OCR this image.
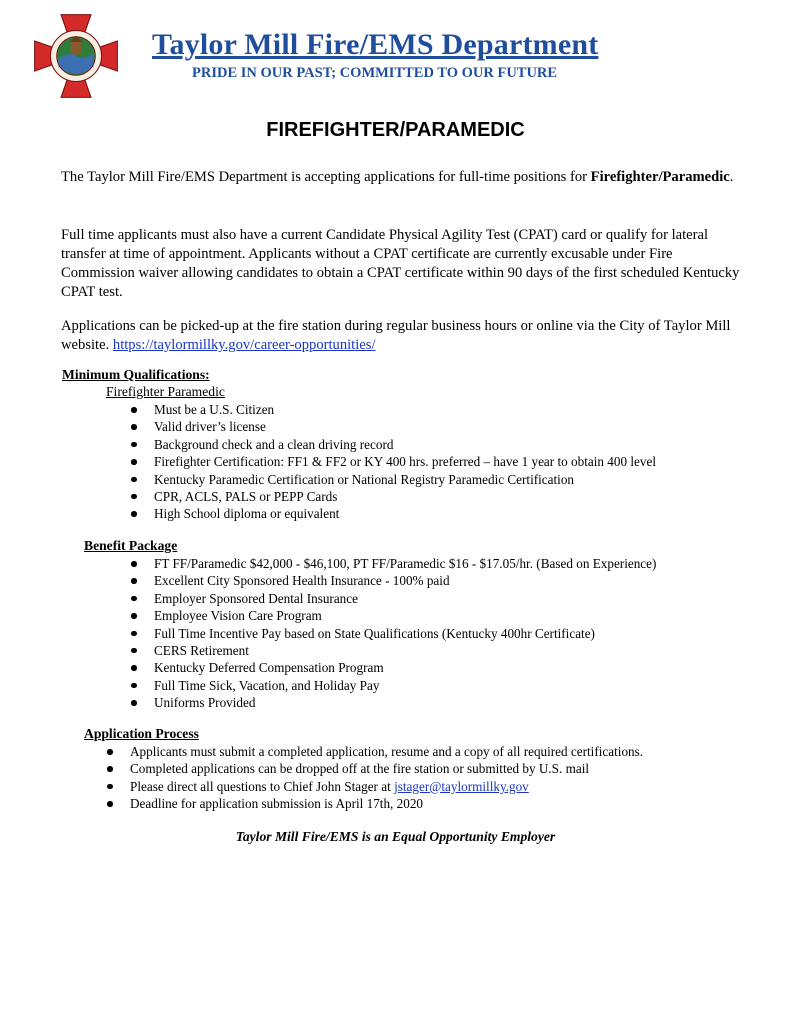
Taylor Mill Fire/EMS Department

PRIDE IN OUR PAST; COMMITTED TO OUR FUTURE

FIREFIGHTER/PARAMEDIC

The Taylor Mill Fire/EMS Department is accepting applications for full-time positions for Firefighter/Paramedic.

Full time applicants must also have a current Candidate Physical Agility Test (CPAT) card or qualify for lateral transfer at time of appointment. Applicants without a CPAT certificate are currently excusable under Fire Commission waiver allowing candidates to obtain a CPAT certificate within 90 days of the first scheduled Kentucky CPAT test.

Applications can be picked-up at the fire station during regular business hours or online via the City of Taylor Mill website. https://taylormillky.gov/career-opportunities/

Minimum Qualifications:

Firefighter Paramedic

Must be a U.S. Citizen
Valid driver’s license
Background check and a clean driving record
Firefighter Certification: FF1 & FF2 or KY 400 hrs. preferred – have 1 year to obtain 400 level
Kentucky Paramedic Certification or National Registry Paramedic Certification
CPR, ACLS, PALS or PEPP Cards
High School diploma or equivalent

Benefit Package

FT FF/Paramedic $42,000 - $46,100, PT FF/Paramedic $16 - $17.05/hr. (Based on Experience)
Excellent City Sponsored Health Insurance - 100% paid
Employer Sponsored Dental Insurance
Employee Vision Care Program
Full Time Incentive Pay based on State Qualifications (Kentucky 400hr Certificate)
CERS Retirement
Kentucky Deferred Compensation Program
Full Time Sick, Vacation, and Holiday Pay
Uniforms Provided

Application Process

Applicants must submit a completed application, resume and a copy of all required certifications.
Completed applications can be dropped off at the fire station or submitted by U.S. mail
Please direct all questions to Chief John Stager at jstager@taylormillky.gov
Deadline for application submission is April 17th, 2020

Taylor Mill Fire/EMS is an Equal Opportunity Employer
